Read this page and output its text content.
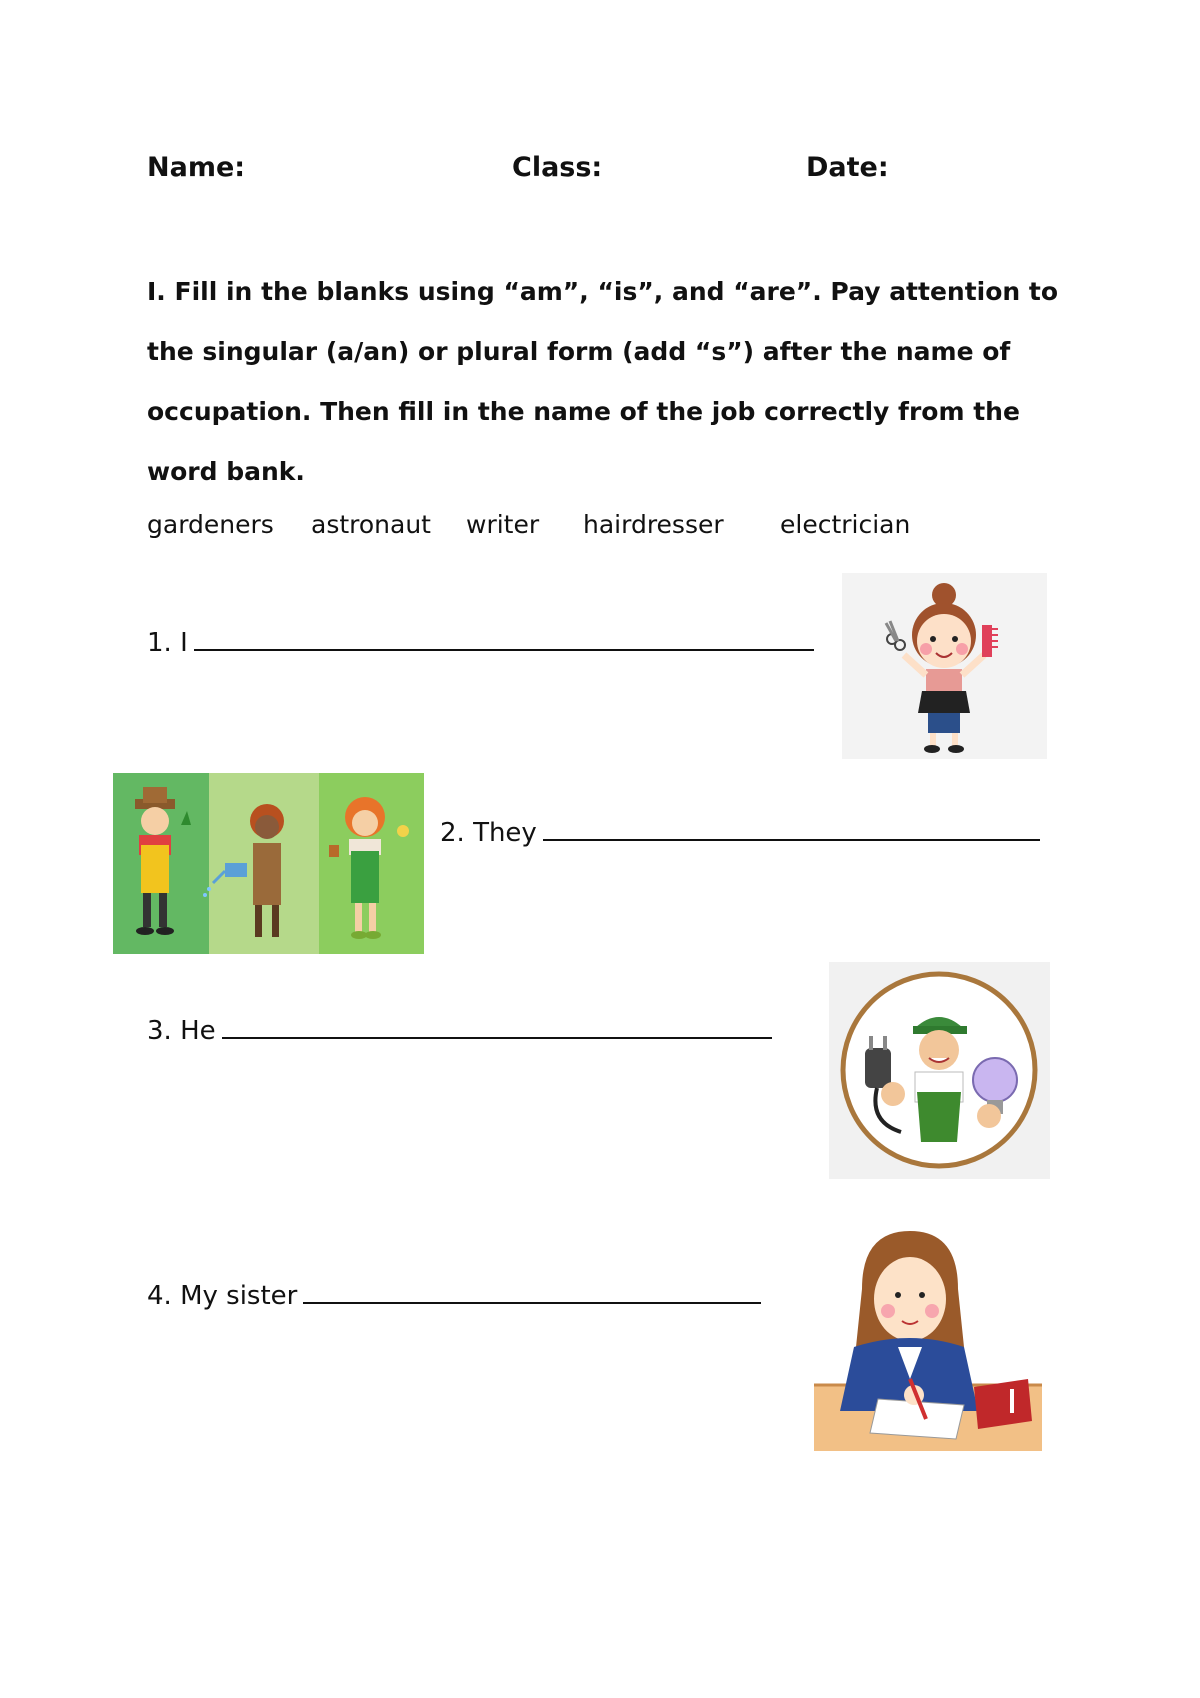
Name:	Class:	Date:
I. Fill in the blanks using “am”, “is”, and “are”. Pay attention to the singular (a/an) or plural form (add “s”) after the name of occupation. Then fill in the name of the job correctly from the word bank.
gardeners astronaut writer hairdresser electrician
1. I
2. They
3. He
4. My sister
